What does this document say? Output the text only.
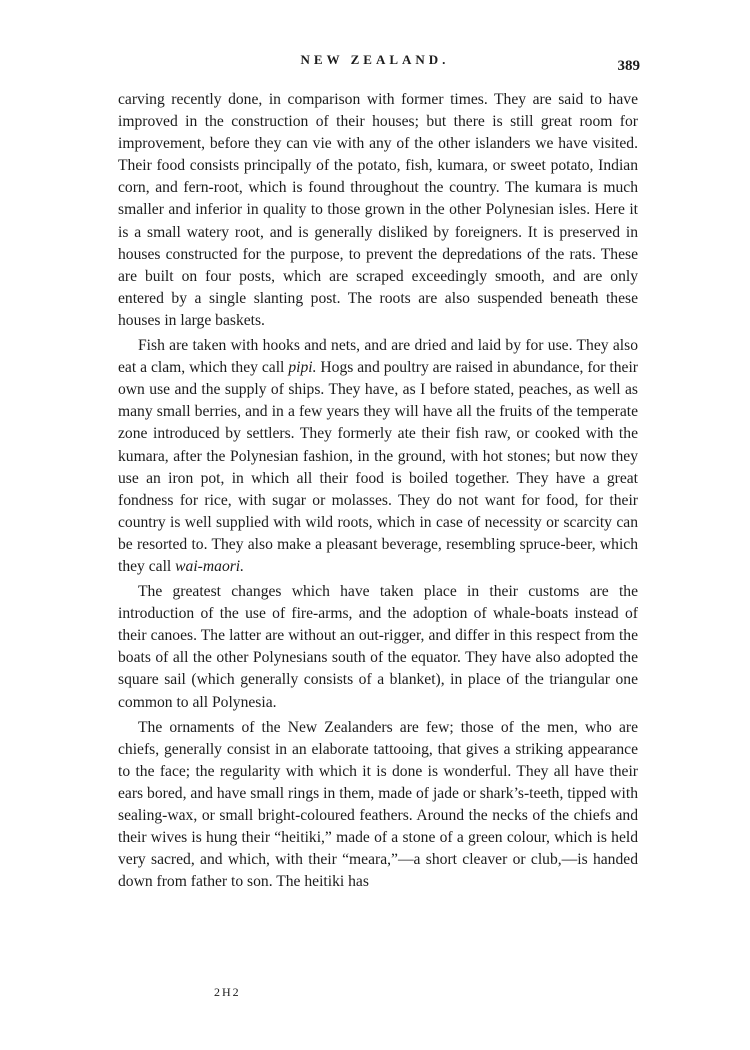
NEW ZEALAND.	389

carving recently done, in comparison with former times. They are said to have improved in the construction of their houses; but there is still great room for improvement, before they can vie with any of the other islanders we have visited. Their food consists principally of the potato, fish, kumara, or sweet potato, Indian corn, and fern-root, which is found throughout the country. The kumara is much smaller and inferior in quality to those grown in the other Polynesian isles. Here it is a small watery root, and is generally disliked by foreigners. It is preserved in houses constructed for the purpose, to prevent the depredations of the rats. These are built on four posts, which are scraped exceedingly smooth, and are only entered by a single slanting post. The roots are also suspended beneath these houses in large baskets.

Fish are taken with hooks and nets, and are dried and laid by for use. They also eat a clam, which they call pipi. Hogs and poultry are raised in abundance, for their own use and the supply of ships. They have, as I before stated, peaches, as well as many small berries, and in a few years they will have all the fruits of the temperate zone introduced by settlers. They formerly ate their fish raw, or cooked with the kumara, after the Polynesian fashion, in the ground, with hot stones; but now they use an iron pot, in which all their food is boiled together. They have a great fondness for rice, with sugar or molasses. They do not want for food, for their country is well supplied with wild roots, which in case of necessity or scarcity can be resorted to. They also make a pleasant beverage, resembling spruce-beer, which they call wai-maori.

The greatest changes which have taken place in their customs are the introduction of the use of fire-arms, and the adoption of whale-boats instead of their canoes. The latter are without an out-rigger, and differ in this respect from the boats of all the other Polynesians south of the equator. They have also adopted the square sail (which generally consists of a blanket), in place of the triangular one common to all Polynesia.

The ornaments of the New Zealanders are few; those of the men, who are chiefs, generally consist in an elaborate tattooing, that gives a striking appearance to the face; the regularity with which it is done is wonderful. They all have their ears bored, and have small rings in them, made of jade or shark’s-teeth, tipped with sealing-wax, or small bright-coloured feathers. Around the necks of the chiefs and their wives is hung their “heitiki,” made of a stone of a green colour, which is held very sacred, and which, with their “meara,”—a short cleaver or club,—is handed down from father to son. The heitiki has

2H2
